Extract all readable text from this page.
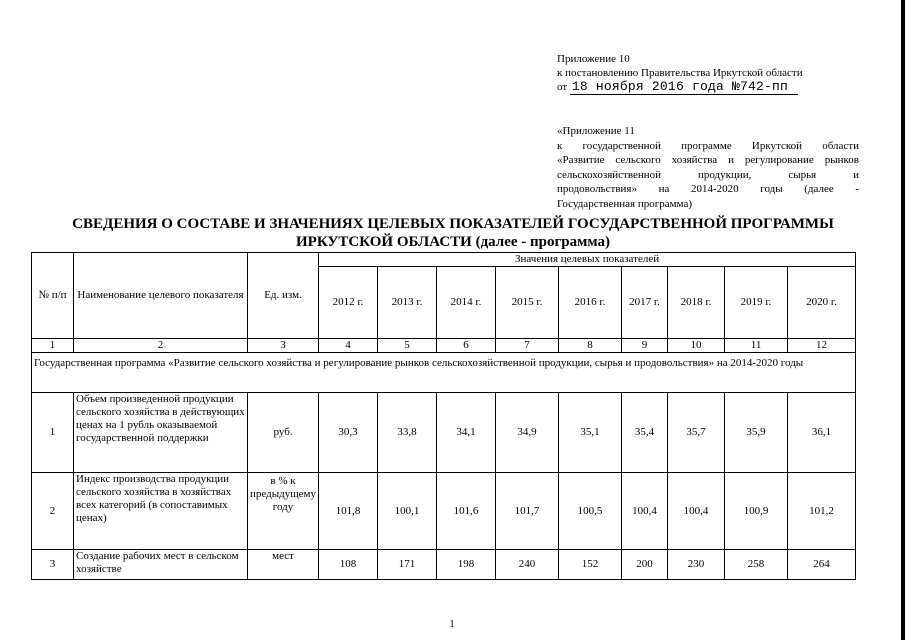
Приложение 10
к постановлению Правительства Иркутской области
от 18 ноября 2016 года №742-пп
«Приложение 11
к государственной программе Иркутской области
«Развитие сельского хозяйства и регулирование рынков
сельскохозяйственной продукции, сырья и
продовольствия» на 2014-2020 годы (далее -
Государственная программа)
СВЕДЕНИЯ О СОСТАВЕ И ЗНАЧЕНИЯХ ЦЕЛЕВЫХ ПОКАЗАТЕЛЕЙ ГОСУДАРСТВЕННОЙ ПРОГРАММЫ ИРКУТСКОЙ ОБЛАСТИ (далее - программа)
№ п/п	Наименование целевого показателя	Ед. изм.	Значения целевых показателей								
			2012 г.	2013 г.	2014 г.	2015 г.	2016 г.	2017 г.	2018 г.	2019 г.	2020 г.
1	2	3	4	5	6	7	8	9	10	11	12
Государственная программа «Развитие сельского хозяйства и регулирование рынков сельскохозяйственной продукции, сырья и продовольствия» на 2014-2020 годы											
1	Объем произведенной продукции сельского хозяйства в действующих ценах на 1 рубль оказываемой государственной поддержки	руб.	30,3	33,8	34,1	34,9	35,1	35,4	35,7	35,9	36,1
2	Индекс производства продукции сельского хозяйства в хозяйствах всех категорий (в сопоставимых ценах)	в % к предыдущему году	101,8	100,1	101,6	101,7	100,5	100,4	100,4	100,9	101,2
3	Создание рабочих мест в сельском хозяйстве	мест	108	171	198	240	152	200	230	258	264
1
